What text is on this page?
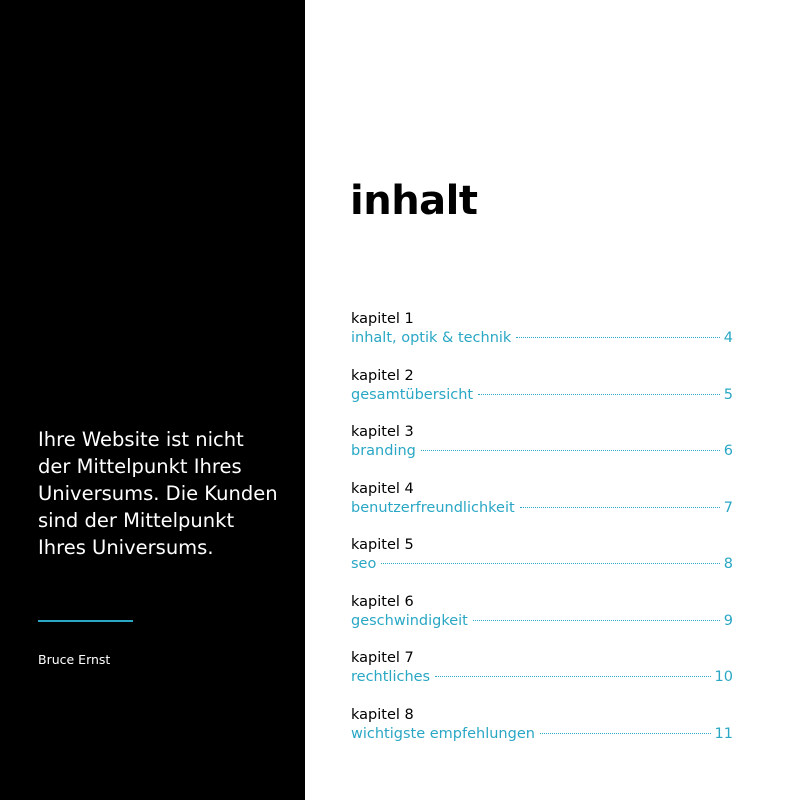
Ihre Website ist nicht der Mittelpunkt Ihres Universums. Die Kunden sind der Mittelpunkt Ihres Universums.

Bruce Ernst

inhalt
kapitel 1
inhalt, optik & technik	4
kapitel 2
gesamtübersicht	5
kapitel 3
branding	6
kapitel 4
benutzerfreundlichkeit	7
kapitel 5
seo	8
kapitel 6
geschwindigkeit	9
kapitel 7
rechtliches	10
kapitel 8
wichtigste empfehlungen	11
